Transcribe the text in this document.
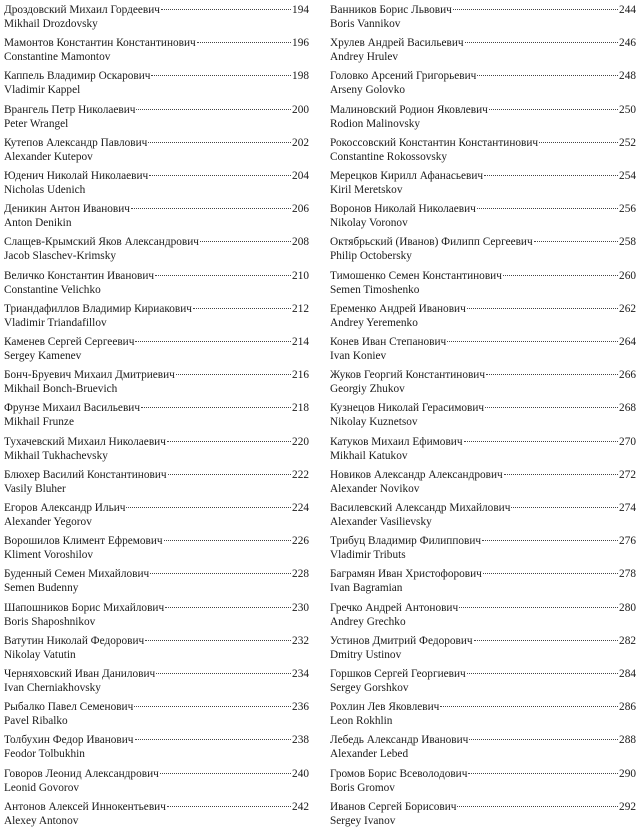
Дроздовский Михаил Гордеевич	194
Mikhail Drozdovsky
Мамонтов Константин Константинович	196
Constantine Mamontov
Каппель Владимир Оскарович	198
Vladimir Kappel
Врангель Петр Николаевич	200
Peter Wrangel
Кутепов Александр Павлович	202
Alexander Kutepov
Юденич Николай Николаевич	204
Nicholas Udenich
Деникин Антон Иванович	206
Anton Denikin
Слащев-Крымский Яков Александрович	208
Jacob Slaschev-Krimsky
Величко Константин Иванович	210
Constantine Velichko
Триандафиллов Владимир Кириакович	212
Vladimir Triandafillov
Каменев Сергей Сергеевич	214
Sergey Kamenev
Бонч-Бруевич Михаил Дмитриевич	216
Mikhail Bonch-Bruevich
Фрунзе Михаил Васильевич	218
Mikhail Frunze
Тухачевский Михаил Николаевич	220
Mikhail Tukhachevsky
Блюхер Василий Константинович	222
Vasily Bluher
Егоров Александр Ильич	224
Alexander Yegorov
Ворошилов Климент Ефремович	226
Kliment Voroshilov
Буденный Семен Михайлович	228
Semen Budenny
Шапошников Борис Михайлович	230
Boris Shaposhnikov
Ватутин Николай Федорович	232
Nikolay Vatutin
Черняховский Иван Данилович	234
Ivan Cherniakhovsky
Рыбалко Павел Семенович	236
Pavel Ribalko
Толбухин Федор Иванович	238
Feodor Tolbukhin
Говоров Леонид Александрович	240
Leonid Govorov
Антонов Алексей Иннокентьевич	242
Alexey Antonov
Ванников Борис Львович	244
Boris Vannikov
Хрулев Андрей Васильевич	246
Andrey Hrulev
Головко Арсений Григорьевич	248
Arseny Golovko
Малиновский Родион Яковлевич	250
Rodion Malinovsky
Рокоссовский Константин Константинович	252
Constantine Rokossovsky
Мерецков Кирилл Афанасьевич	254
Kiril Meretskov
Воронов Николай Николаевич	256
Nikolay Voronov
Октябрьский (Иванов) Филипп Сергеевич	258
Philip Octobersky
Тимошенко Семен Константинович	260
Semen Timoshenko
Еременко Андрей Иванович	262
Andrey Yeremenko
Конев Иван Степанович	264
Ivan Koniev
Жуков Георгий Константинович	266
Georgiy Zhukov
Кузнецов Николай Герасимович	268
Nikolay Kuznetsov
Катуков Михаил Ефимович	270
Mikhail Katukov
Новиков Александр Александрович	272
Alexander Novikov
Василевский Александр Михайлович	274
Alexander Vasilievsky
Трибуц Владимир Филиппович	276
Vladimir Tributs
Баграмян Иван Христофорович	278
Ivan Bagramian
Гречко Андрей Антонович	280
Andrey Grechko
Устинов Дмитрий Федорович	282
Dmitry Ustinov
Горшков Сергей Георгиевич	284
Sergey Gorshkov
Рохлин Лев Яковлевич	286
Leon Rokhlin
Лебедь Александр Иванович	288
Alexander Lebed
Громов Борис Всеволодович	290
Boris Gromov
Иванов Сергей Борисович	292
Sergey Ivanov
